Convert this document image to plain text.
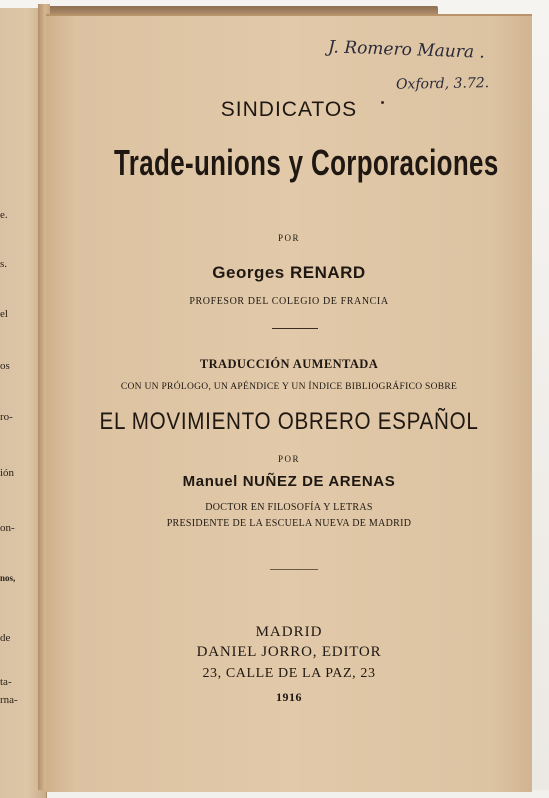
e.
s.
el
os
ro-
ión
on-
nos,
de
ta-
rna-
J. Romero Maura .
Oxford, 3.72.
SINDICATOS
Trade-unions y Corporaciones
POR
Georges RENARD
PROFESOR DEL COLEGIO DE FRANCIA
TRADUCCIÓN AUMENTADA
CON UN PRÓLOGO, UN APÉNDICE Y UN ÍNDICE BIBLIOGRÁFICO SOBRE
EL MOVIMIENTO OBRERO ESPAÑOL
POR
Manuel NUÑEZ DE ARENAS
DOCTOR EN FILOSOFÍA Y LETRAS
PRESIDENTE DE LA ESCUELA NUEVA DE MADRID
MADRID
DANIEL JORRO, EDITOR
23, CALLE DE LA PAZ, 23
1916
